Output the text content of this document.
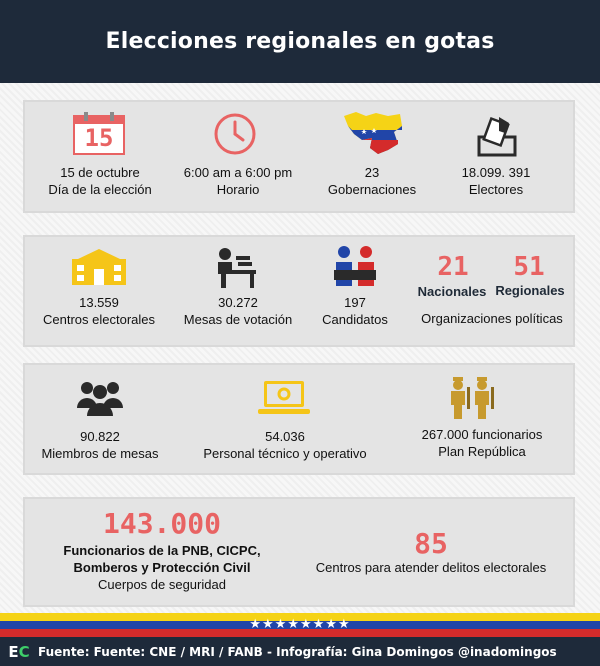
Elecciones regionales en gotas
15
15 de octubre
Día de la elección
6:00 am a 6:00 pm
Horario
23
Gobernaciones
18.099. 391
Electores
13.559
Centros electorales
30.272
Mesas de votación
197
Candidatos
21	51
Nacionales Regionales
Organizaciones políticas
90.822
Miembros de mesas
54.036
Personal técnico y operativo
267.000 funcionarios
Plan República
143.000
Funcionarios de la PNB, CICPC,
Bomberos y Protección Civil
Cuerpos de seguridad
85
Centros para atender delitos electorales
★★★★★★★★
E C Fuente: Fuente: CNE / MRI / FANB - Infografía: Gina Domingos @inadomingos
